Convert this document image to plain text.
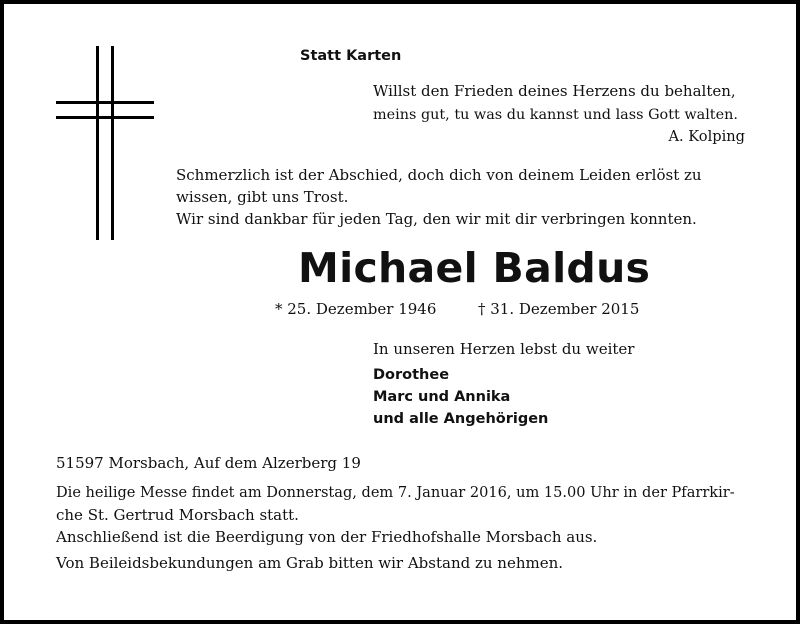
Statt Karten
Willst den Frieden deines Herzens du behalten,
meins gut, tu was du kannst und lass Gott walten.
A. Kolping
Schmerzlich ist der Abschied, doch dich von deinem Leiden erlöst zu
wissen, gibt uns Trost.
Wir sind dankbar für jeden Tag, den wir mit dir verbringen konnten.
Michael Baldus
* 25. Dezember 1946	† 31. Dezember 2015
In unseren Herzen lebst du weiter
Dorothee
Marc und Annika
und alle Angehörigen
51597 Morsbach, Auf dem Alzerberg 19
Die heilige Messe findet am Donnerstag, dem 7. Januar 2016, um 15.00 Uhr in der Pfarrkir-
che St. Gertrud Morsbach statt.
Anschließend ist die Beerdigung von der Friedhofshalle Morsbach aus.
Von Beileidsbekundungen am Grab bitten wir Abstand zu nehmen.
